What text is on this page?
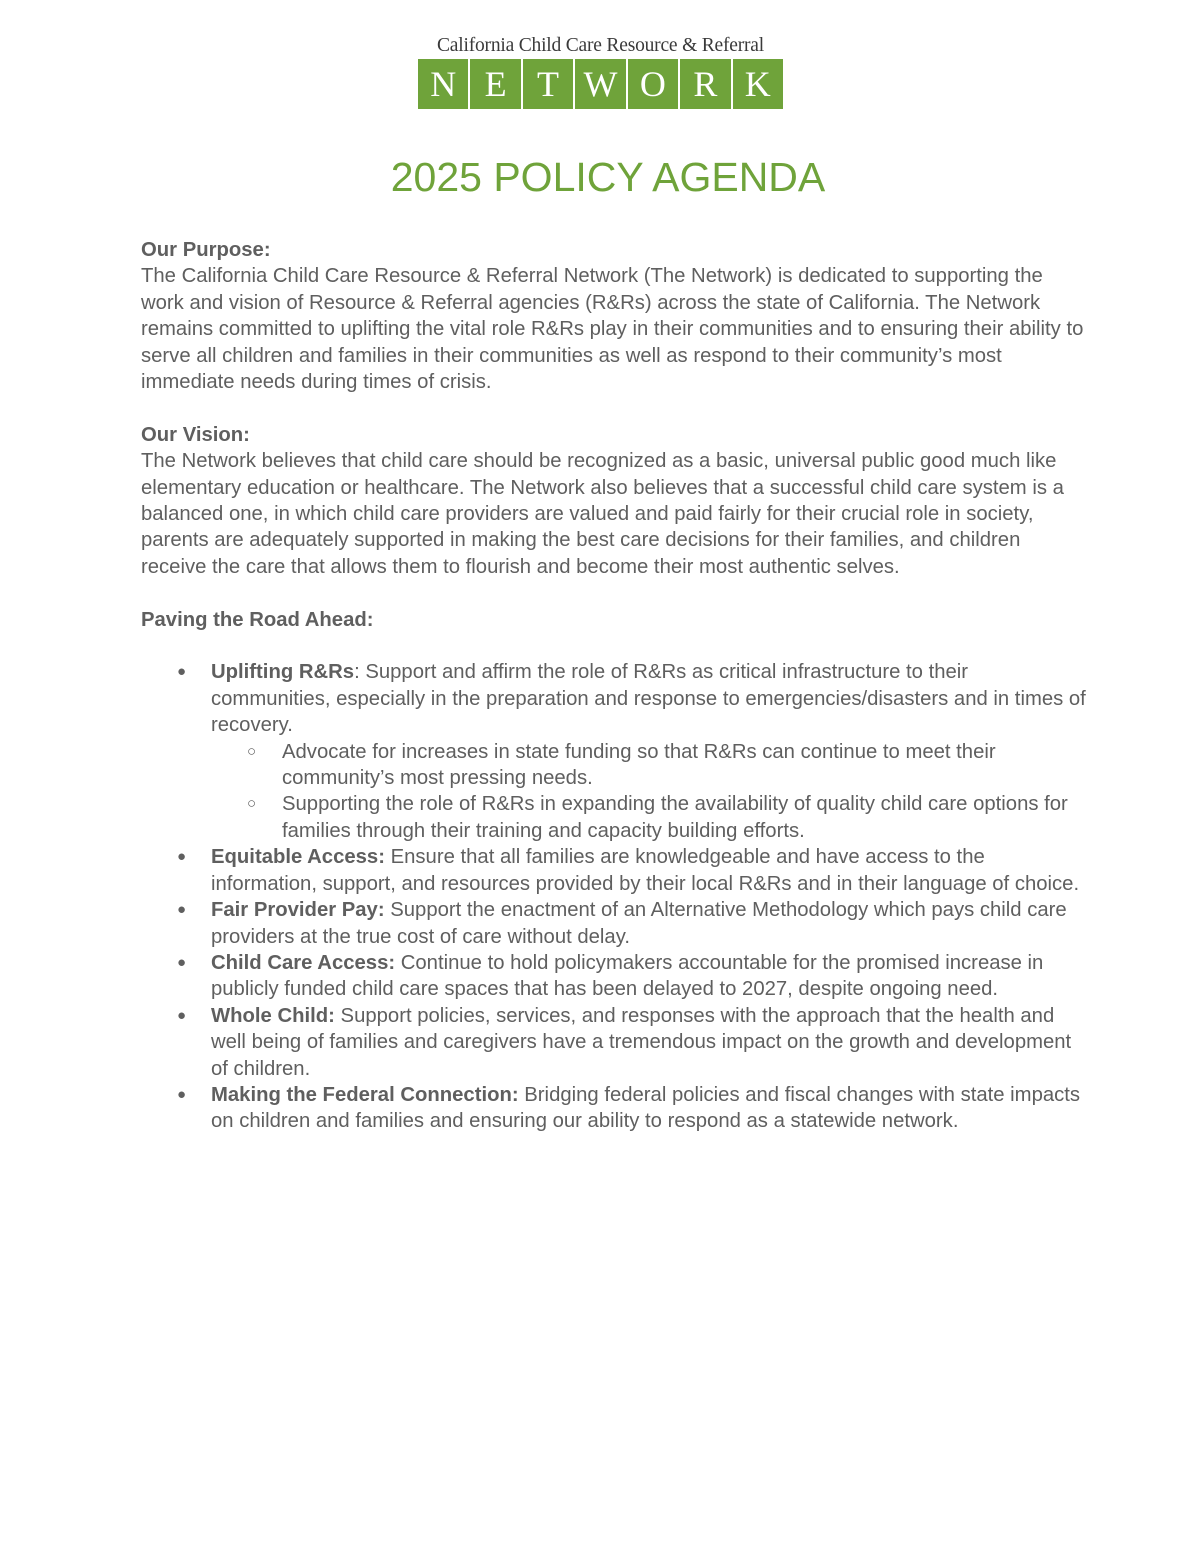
California Child Care Resource & Referral
N E T W O R K
2025 POLICY AGENDA

Our Purpose:

The California Child Care Resource & Referral Network (The Network) is dedicated to supporting the work and vision of Resource & Referral agencies (R&Rs) across the state of California. The Network remains committed to uplifting the vital role R&Rs play in their communities and to ensuring their ability to serve all children and families in their communities as well as respond to their community’s most immediate needs during times of crisis.

Our Vision:

The Network believes that child care should be recognized as a basic, universal public good much like elementary education or healthcare. The Network also believes that a successful child care system is a balanced one, in which child care providers are valued and paid fairly for their crucial role in society, parents are adequately supported in making the best care decisions for their families, and children receive the care that allows them to flourish and become their most authentic selves.

Paving the Road Ahead:

● Uplifting R&Rs: Support and affirm the role of R&Rs as critical infrastructure to their communities, especially in the preparation and response to emergencies/disasters and in times of recovery.
○ Advocate for increases in state funding so that R&Rs can continue to meet their community’s most pressing needs.
○ Supporting the role of R&Rs in expanding the availability of quality child care options for families through their training and capacity building efforts.
● Equitable Access: Ensure that all families are knowledgeable and have access to the information, support, and resources provided by their local R&Rs and in their language of choice.
● Fair Provider Pay: Support the enactment of an Alternative Methodology which pays child care providers at the true cost of care without delay.
● Child Care Access: Continue to hold policymakers accountable for the promised increase in publicly funded child care spaces that has been delayed to 2027, despite ongoing need.
● Whole Child: Support policies, services, and responses with the approach that the health and well being of families and caregivers have a tremendous impact on the growth and development of children.
● Making the Federal Connection: Bridging federal policies and fiscal changes with state impacts on children and families and ensuring our ability to respond as a statewide network.
